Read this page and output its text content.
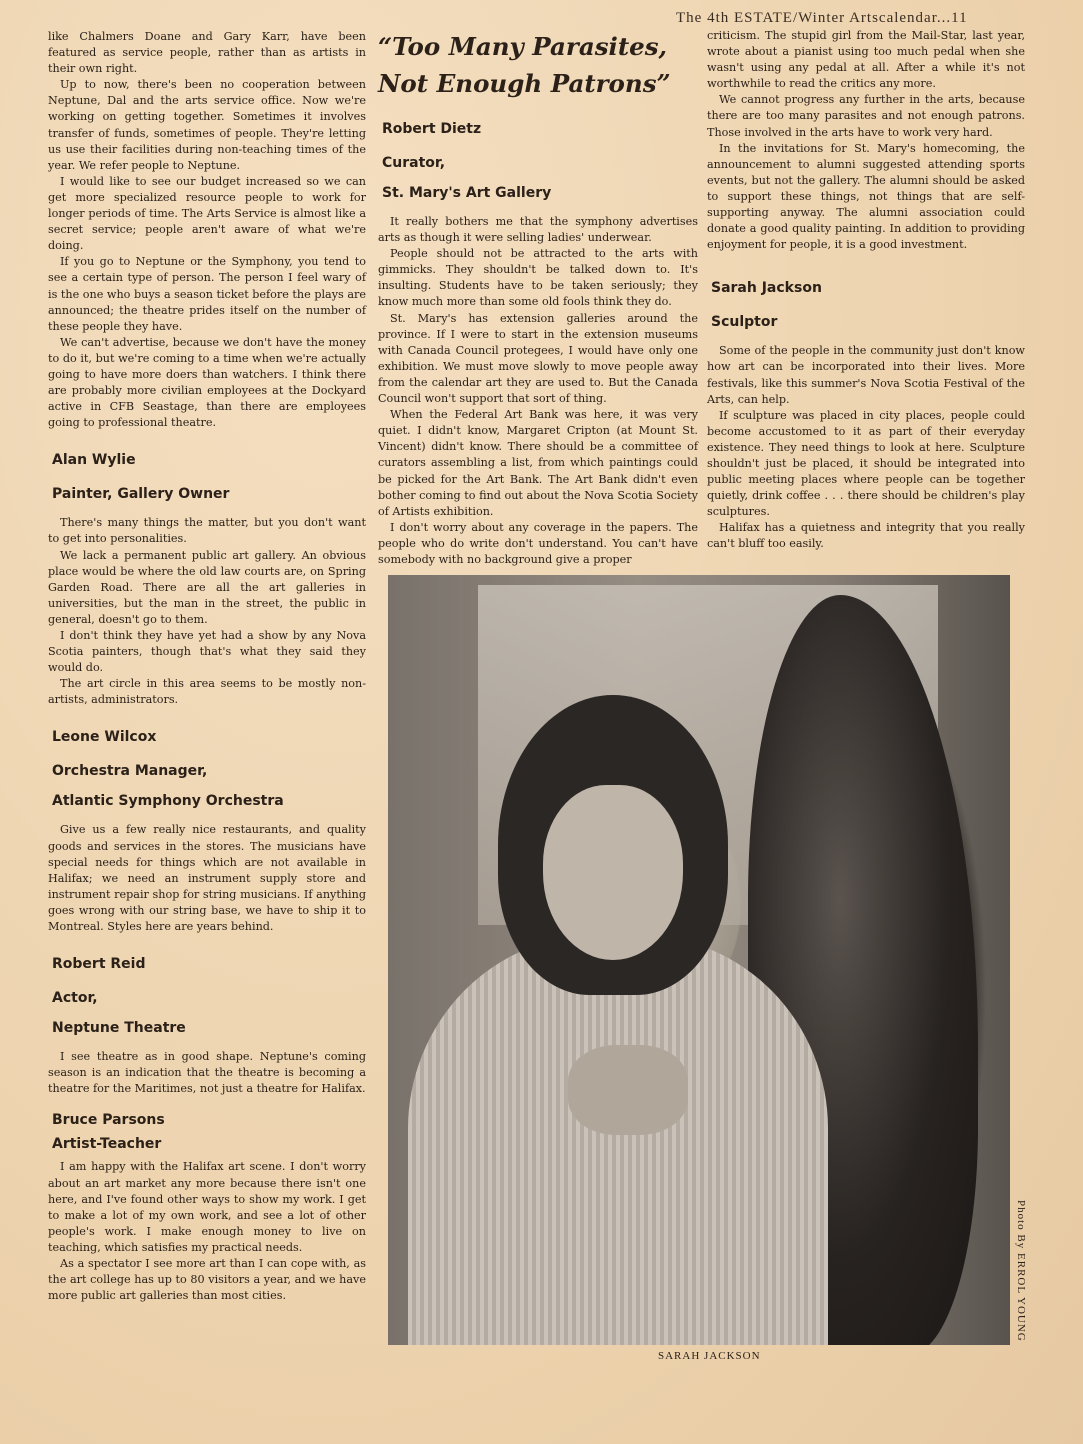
The 4th ESTATE/Winter Artscalendar...11

like Chalmers Doane and Gary Karr, have been featured as service people, rather than as artists in their own right.

Up to now, there's been no cooperation between Neptune, Dal and the arts service office. Now we're working on getting together. Sometimes it involves transfer of funds, sometimes of people. They're letting us use their facilities during non-teaching times of the year. We refer people to Neptune.

I would like to see our budget increased so we can get more specialized resource people to work for longer periods of time. The Arts Service is almost like a secret service; people aren't aware of what we're doing.

If you go to Neptune or the Symphony, you tend to see a certain type of person. The person I feel wary of is the one who buys a season ticket before the plays are announced; the theatre prides itself on the number of these people they have.

We can't advertise, because we don't have the money to do it, but we're coming to a time when we're actually going to have more doers than watchers. I think there are probably more civilian employees at the Dockyard active in CFB Seastage, than there are employees going to professional theatre.

Alan Wylie
Painter, Gallery Owner

There's many things the matter, but you don't want to get into personalities.

We lack a permanent public art gallery. An obvious place would be where the old law courts are, on Spring Garden Road. There are all the art galleries in universities, but the man in the street, the public in general, doesn't go to them.

I don't think they have yet had a show by any Nova Scotia painters, though that's what they said they would do.

The art circle in this area seems to be mostly non-artists, administrators.

Leone Wilcox
Orchestra Manager,
Atlantic Symphony Orchestra

Give us a few really nice restaurants, and quality goods and services in the stores. The musicians have special needs for things which are not available in Halifax; we need an instrument supply store and instrument repair shop for string musicians. If anything goes wrong with our string base, we have to ship it to Montreal. Styles here are years behind.

Robert Reid
Actor,
Neptune Theatre

I see theatre as in good shape. Neptune's coming season is an indication that the theatre is becoming a theatre for the Maritimes, not just a theatre for Halifax.

Bruce Parsons
Artist-Teacher

I am happy with the Halifax art scene. I don't worry about an art market any more because there isn't one here, and I've found other ways to show my work. I get to make a lot of my own work, and see a lot of other people's work. I make enough money to live on teaching, which satisfies my practical needs.

As a spectator I see more art than I can cope with, as the art college has up to 80 visitors a year, and we have more public art galleries than most cities.

“Too Many Parasites, Not Enough Patrons”
Robert Dietz
Curator,
St. Mary's Art Gallery

It really bothers me that the symphony advertises arts as though it were selling ladies' underwear.

People should not be attracted to the arts with gimmicks. They shouldn't be talked down to. It's insulting. Students have to be taken seriously; they know much more than some old fools think they do.

St. Mary's has extension galleries around the province. If I were to start in the extension museums with Canada Council protegees, I would have only one exhibition. We must move slowly to move people away from the calendar art they are used to. But the Canada Council won't support that sort of thing.

When the Federal Art Bank was here, it was very quiet. I didn't know, Margaret Cripton (at Mount St. Vincent) didn't know. There should be a committee of curators assembling a list, from which paintings could be picked for the Art Bank. The Art Bank didn't even bother coming to find out about the Nova Scotia Society of Artists exhibition.

I don't worry about any coverage in the papers. The people who do write don't understand. You can't have somebody with no background give a proper

criticism. The stupid girl from the Mail-Star, last year, wrote about a pianist using too much pedal when she wasn't using any pedal at all. After a while it's not worthwhile to read the critics any more.

We cannot progress any further in the arts, because there are too many parasites and not enough patrons. Those involved in the arts have to work very hard.

In the invitations for St. Mary's homecoming, the announcement to alumni suggested attending sports events, but not the gallery. The alumni should be asked to support these things, not things that are self-supporting anyway. The alumni association could donate a good quality painting. In addition to providing enjoyment for people, it is a good investment.

Sarah Jackson
Sculptor

Some of the people in the community just don't know how art can be incorporated into their lives. More festivals, like this summer's Nova Scotia Festival of the Arts, can help.

If sculpture was placed in city places, people could become accustomed to it as part of their everyday existence. They need things to look at here. Sculpture shouldn't just be placed, it should be integrated into public meeting places where people can be together quietly, drink coffee . . . there should be children's play sculptures.

Halifax has a quietness and integrity that you really can't bluff too easily.

SARAH JACKSON
Photo By ERROL YOUNG
